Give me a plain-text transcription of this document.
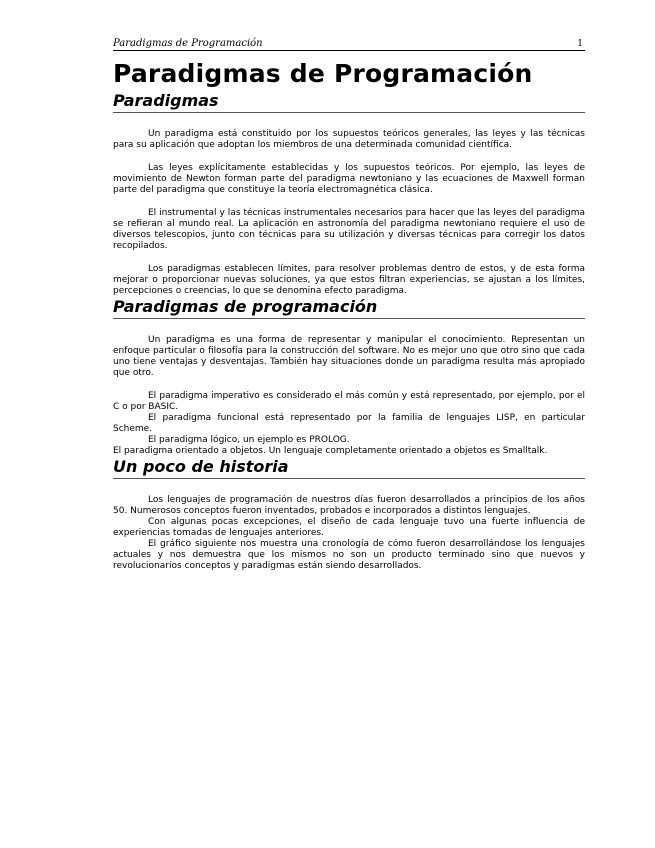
Paradigmas de Programación	1
Paradigmas de Programación
Paradigmas

Un paradigma está constituido por los supuestos teóricos generales, las leyes y las técnicas para su aplicación que adoptan los miembros de una determinada comunidad científica.

Las leyes explícitamente establecidas y los supuestos teóricos. Por ejemplo, las leyes de movimiento de Newton forman parte del paradigma newtoniano y las ecuaciones de Maxwell forman parte del paradigma que constituye la teoría electromagnética clásica.

El instrumental y las técnicas instrumentales necesarios para hacer que las leyes del paradigma se refieran al mundo real. La aplicación en astronomía del paradigma newtoniano requiere el uso de diversos telescopios, junto con técnicas para su utilización y diversas técnicas para corregir los datos recopilados.

Los paradigmas establecen límites, para resolver problemas dentro de estos, y de esta forma mejorar o proporcionar nuevas soluciones, ya que estos filtran experiencias, se ajustan a los límites, percepciones o creencias, lo que se denomina efecto paradigma.

Paradigmas de programación

Un paradigma es una forma de representar y manipular el conocimiento. Representan un enfoque particular o filosofía para la construcción del software. No es mejor uno que otro sino que cada uno tiene ventajas y desventajas. También hay situaciones donde un paradigma resulta más apropiado que otro.

El paradigma imperativo es considerado el más común y está representado, por ejemplo, por el C o por BASIC.

El paradigma funcional está representado por la familia de lenguajes LISP, en particular Scheme.

El paradigma lógico, un ejemplo es PROLOG.

El paradigma orientado a objetos. Un lenguaje completamente orientado a objetos es Smalltalk.

Un poco de historia

Los lenguajes de programación de nuestros días fueron desarrollados a principios de los años 50. Numerosos conceptos fueron inventados, probados e incorporados a distintos lenguajes.

Con algunas pocas excepciones, el diseño de cada lenguaje tuvo una fuerte influencia de experiencias tomadas de lenguajes anteriores.

El gráfico siguiente nos muestra una cronología de cómo fueron desarrollándose los lenguajes actuales y nos demuestra que los mismos no son un producto terminado sino que nuevos y revolucionarios conceptos y paradigmas están siendo desarrollados.
